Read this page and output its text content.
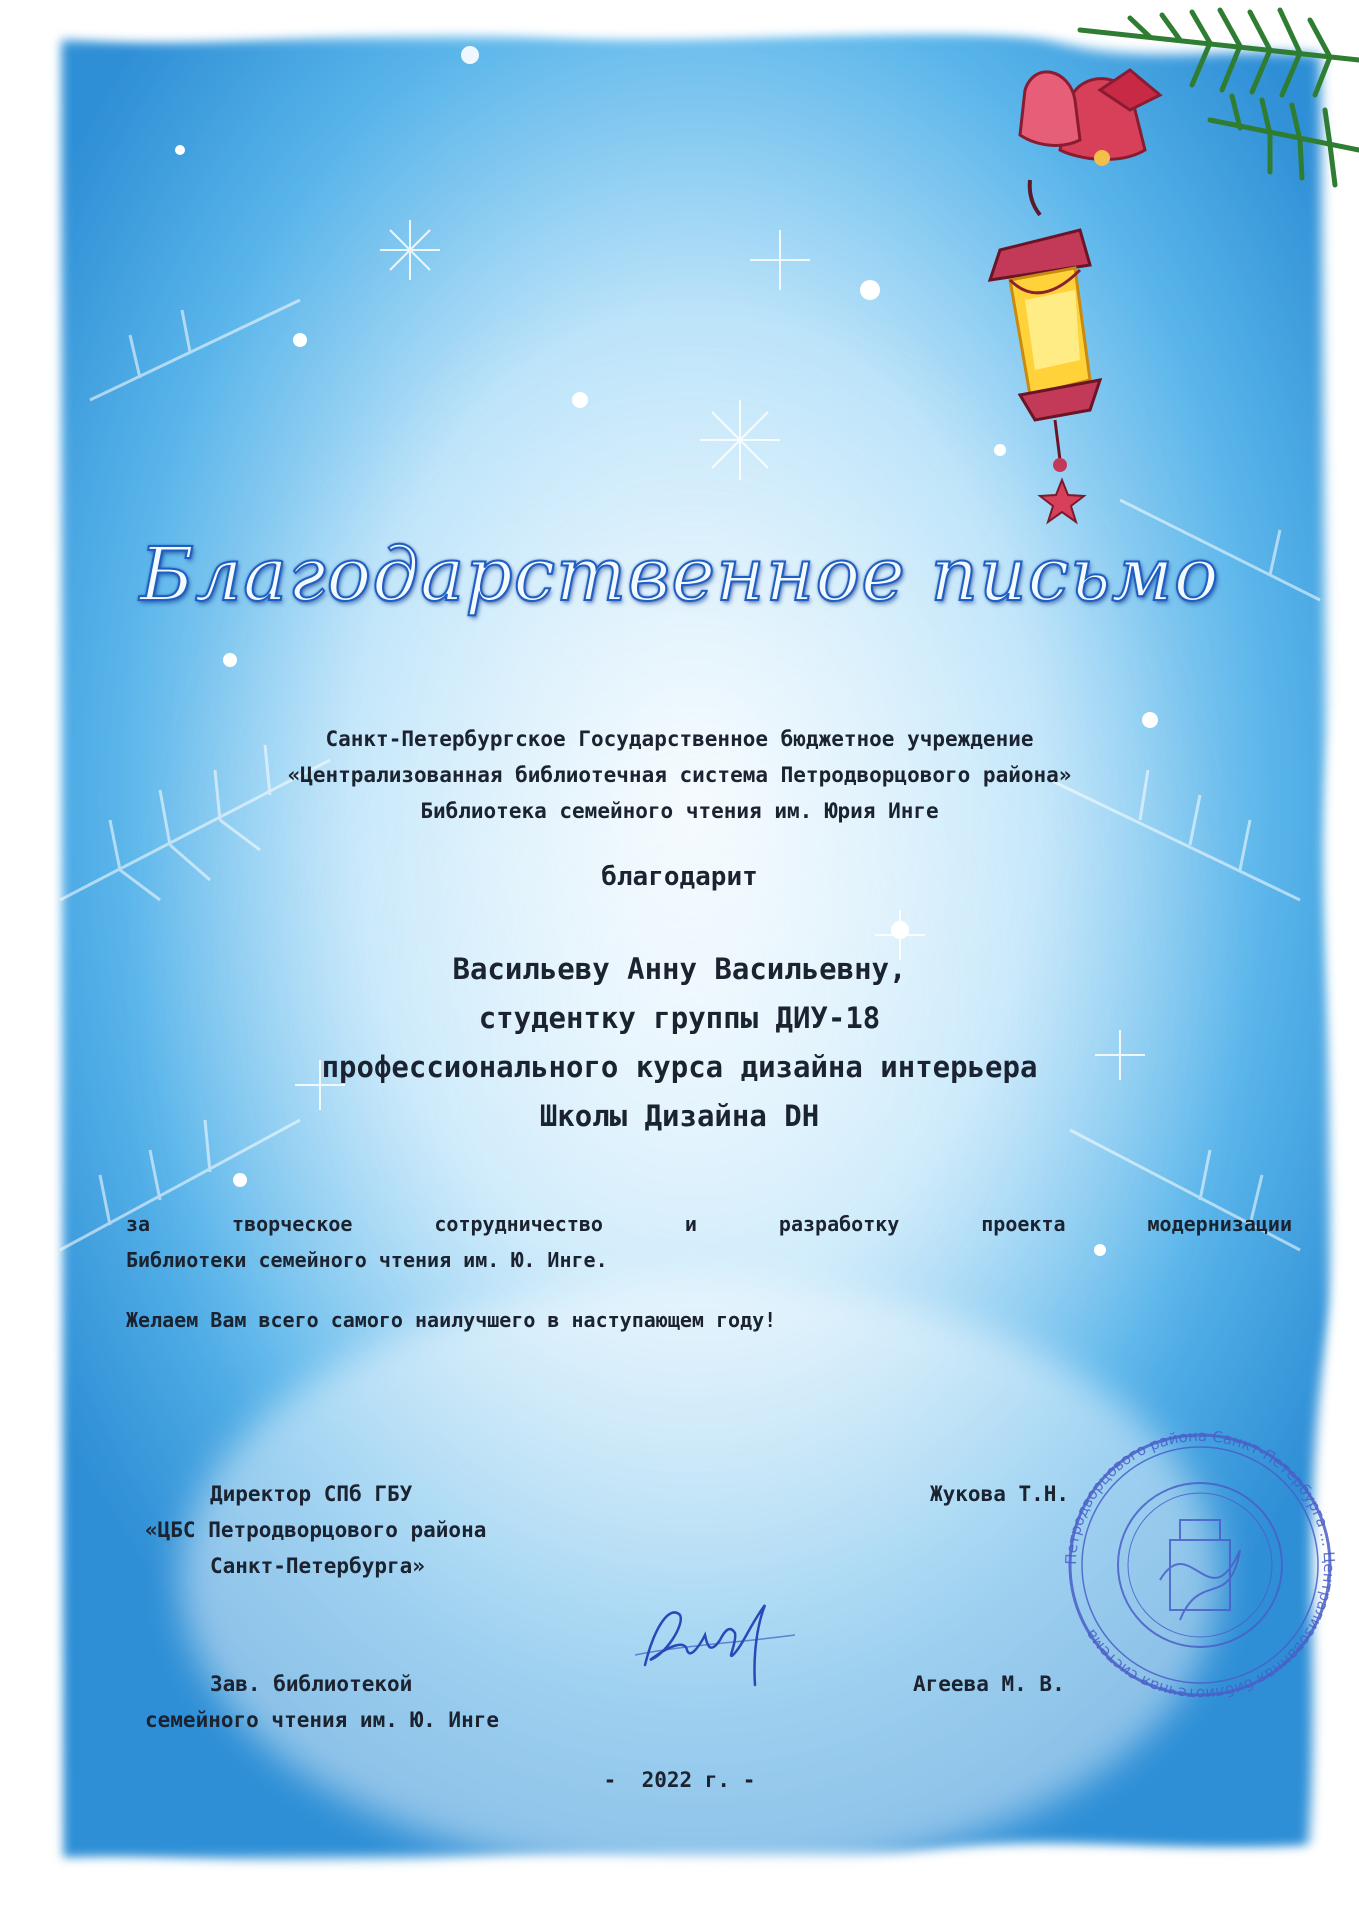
Благодарственное письмо
Санкт-Петербургское Государственное бюджетное учреждение
«Централизованная библиотечная система Петродворцового района»
Библиотека семейного чтения им. Юрия Инге
благодарит
Васильеву Анну Васильевну,
студентку группы ДИУ-18
профессионального курса дизайна интерьера
Школы Дизайна DH
за творческое сотрудничество и разработку проекта модернизации
Библиотеки семейного чтения им. Ю. Инге.
Желаем Вам всего самого наилучшего в наступающем году!
Директор СПб ГБУ
«ЦБС Петродворцового района
Санкт-Петербурга»
Жукова Т.Н.
Зав. библиотекой
семейного чтения им. Ю. Инге
Агеева М. В.
Петродворцового района Санкт-Петербурга ... Централизованная библиотечная система
-  2022 г. -
